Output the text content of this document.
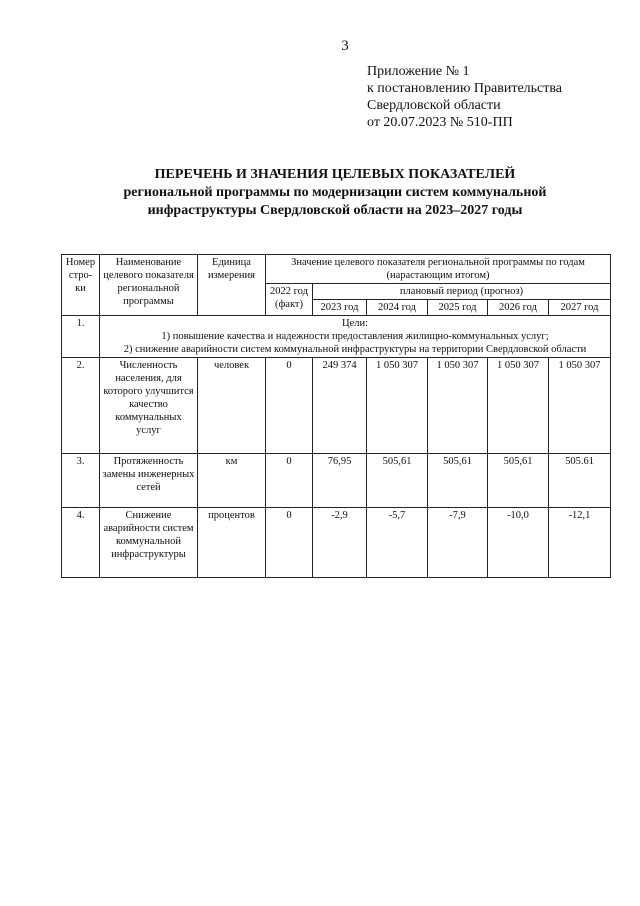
3
Приложение № 1
к постановлению Правительства
Свердловской области
от 20.07.2023 № 510-ПП
ПЕРЕЧЕНЬ И ЗНАЧЕНИЯ ЦЕЛЕВЫХ ПОКАЗАТЕЛЕЙ
региональной программы по модернизации систем коммунальной
инфраструктуры Свердловской области на 2023–2027 годы
Номер стро-ки	Наименование целевого показателя региональной программы	Единица измерения	Значение целевого показателя региональной программы по годам (нарастающим итогом)					
			2022 год (факт)	плановый период (прогноз)				
				2023 год	2024 год	2025 год	2026 год	2027 год
1.	Цели:
1) повышение качества и надежности предоставления жилищно-коммунальных услуг;
2) снижение аварийности систем коммунальной инфраструктуры на территории Свердловской области							

2.	Численность населения, для которого улучшится качество коммунальных услуг	человек	0	249 374	1 050 307	1 050 307	1 050 307	1 050 307
3.	Протяженность замены инженерных сетей	км	0	76,95	505,61	505,61	505,61	505.61
4.	Снижение аварийности систем коммунальной инфраструктуры	процентов	0	-2,9	-5,7	-7,9	-10,0	-12,1
